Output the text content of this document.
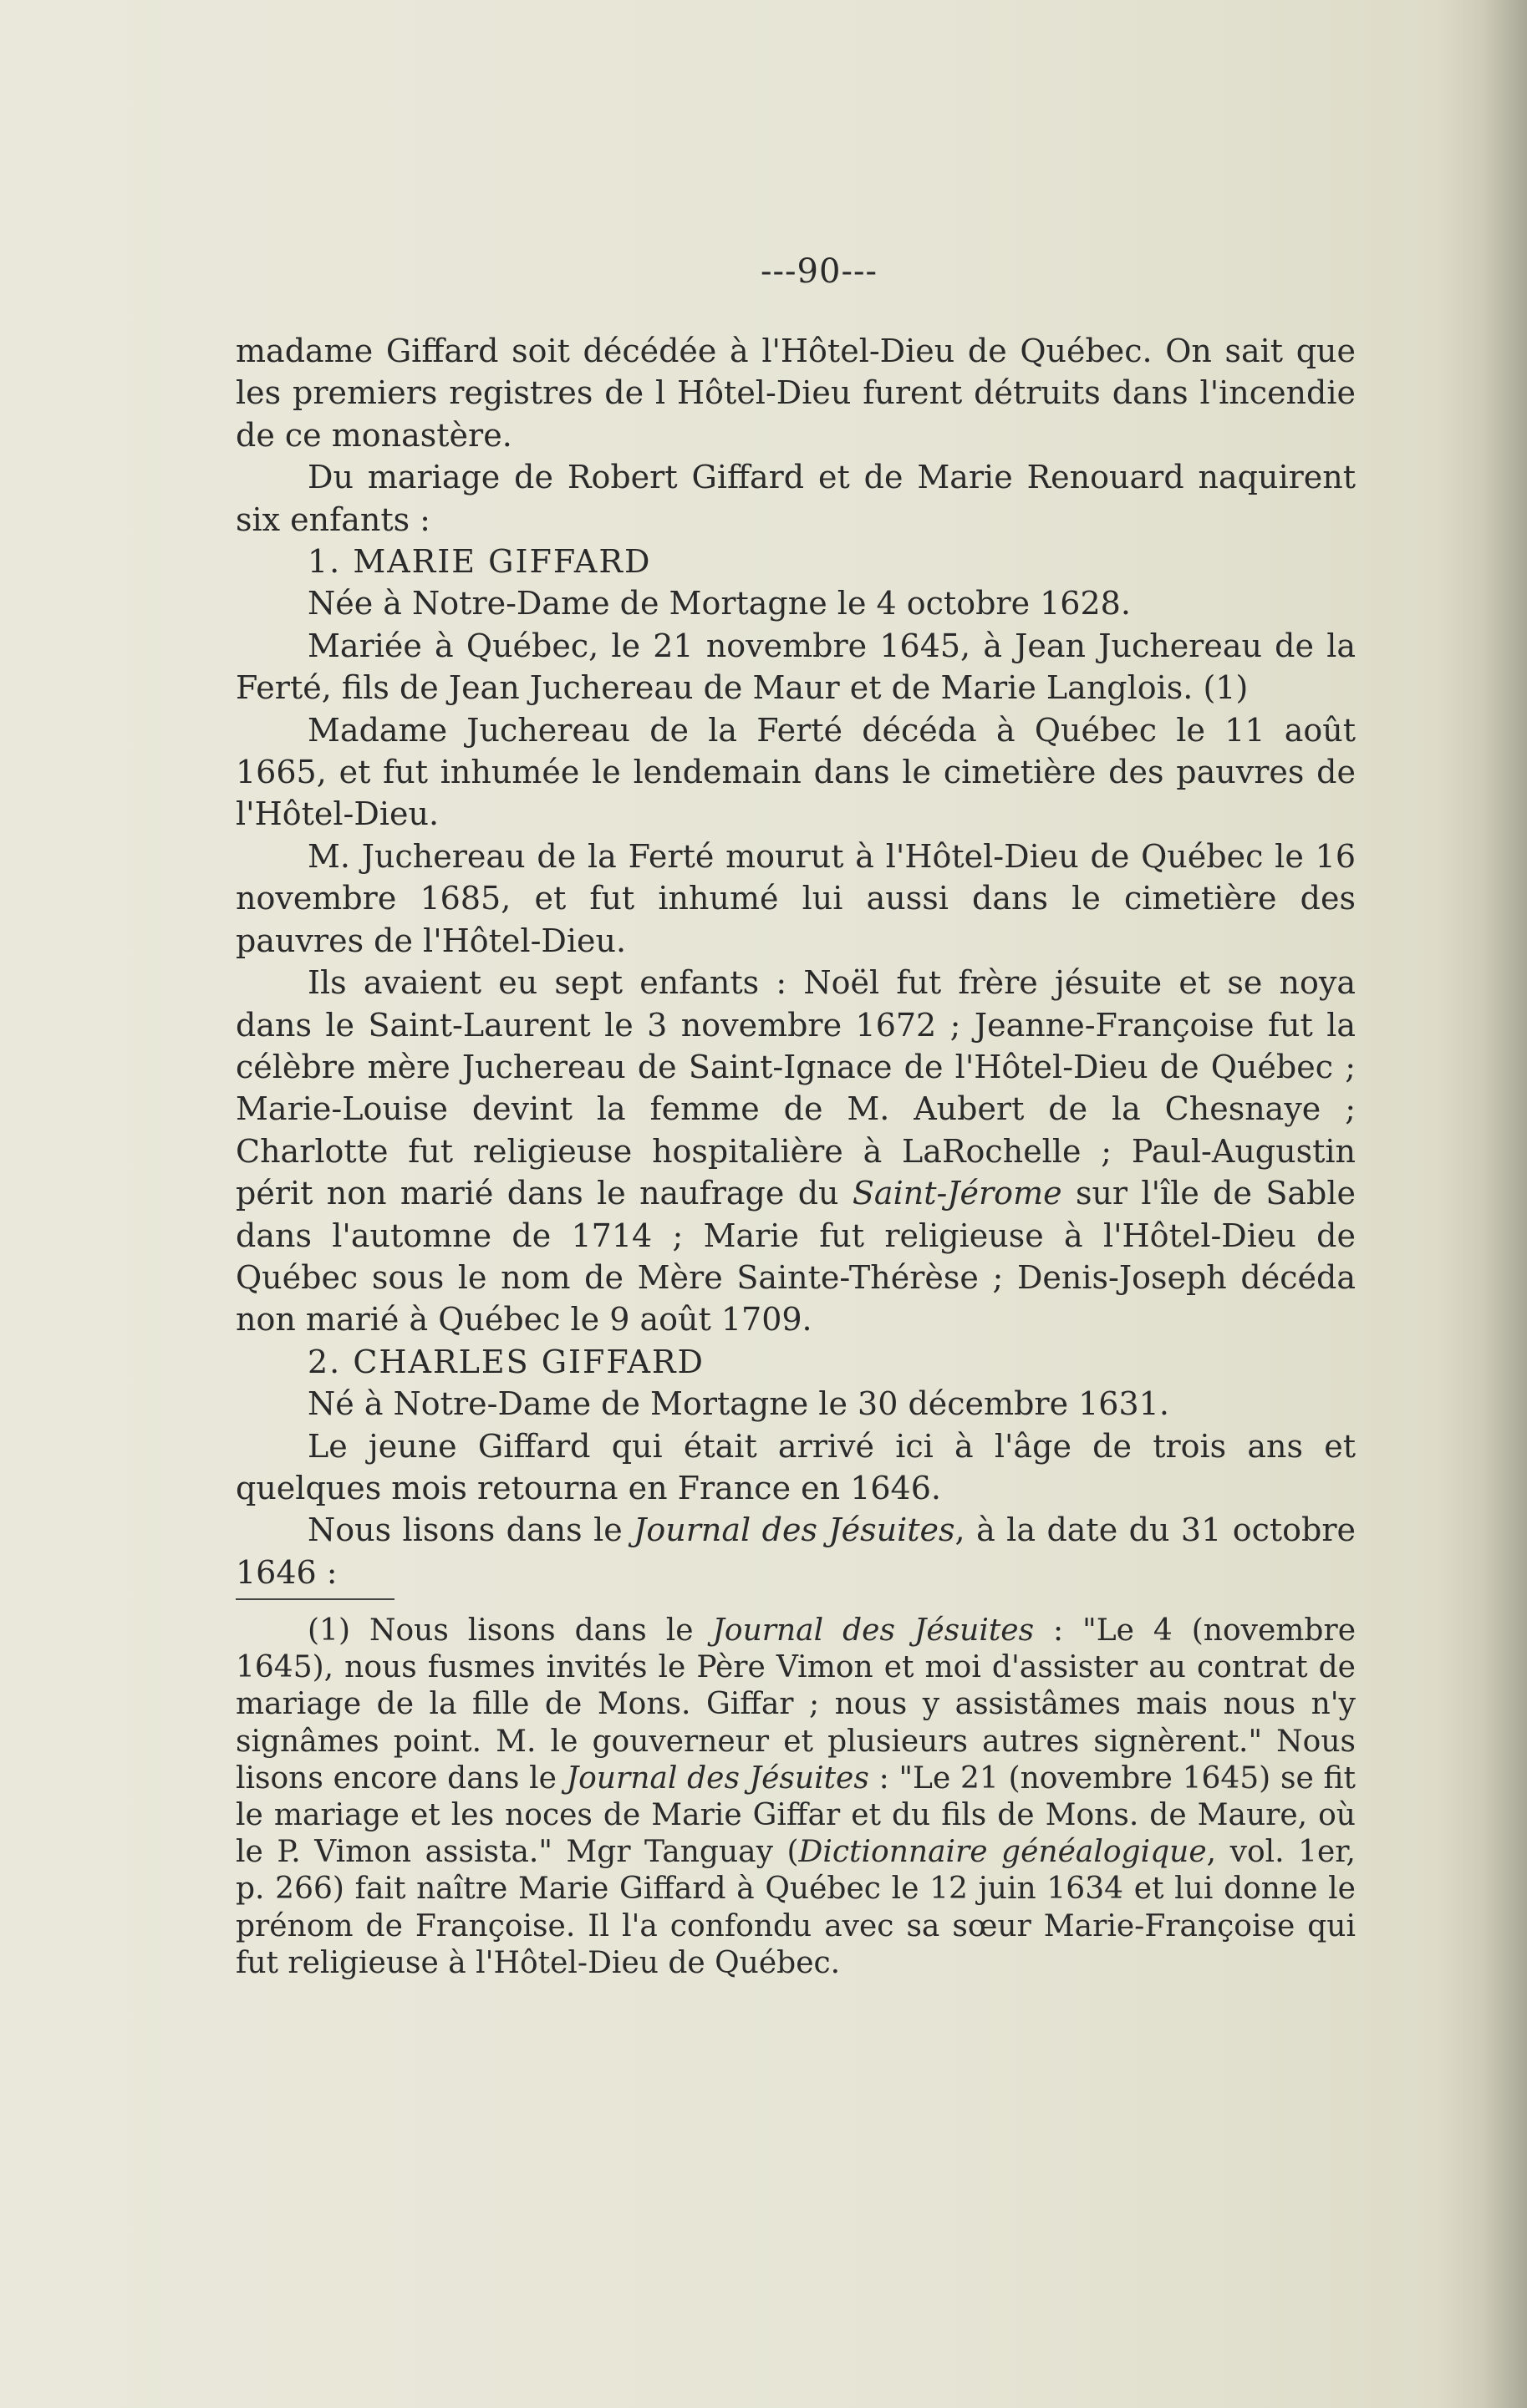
---90---

madame Giffard soit décédée à l'Hôtel-Dieu de Québec. On sait que les premiers registres de l Hôtel-Dieu furent détruits dans l'incendie de ce monastère.

Du mariage de Robert Giffard et de Marie Renouard naquirent six enfants :

1. MARIE GIFFARD

Née à Notre-Dame de Mortagne le 4 octobre 1628.

Mariée à Québec, le 21 novembre 1645, à Jean Juchereau de la Ferté, fils de Jean Juchereau de Maur et de Marie Langlois. (1)

Madame Juchereau de la Ferté décéda à Québec le 11 août 1665, et fut inhumée le lendemain dans le cimetière des pauvres de l'Hôtel-Dieu.

M. Juchereau de la Ferté mourut à l'Hôtel-Dieu de Québec le 16 novembre 1685, et fut inhumé lui aussi dans le cimetière des pauvres de l'Hôtel-Dieu.

Ils avaient eu sept enfants : Noël fut frère jésuite et se noya dans le Saint-Laurent le 3 novembre 1672 ; Jeanne-Françoise fut la célèbre mère Juchereau de Saint-Ignace de l'Hôtel-Dieu de Québec ; Marie-Louise devint la femme de M. Aubert de la Chesnaye ; Charlotte fut religieuse hospitalière à LaRochelle ; Paul-Augustin périt non marié dans le naufrage du Saint-Jérome sur l'île de Sable dans l'automne de 1714 ; Marie fut religieuse à l'Hôtel-Dieu de Québec sous le nom de Mère Sainte-Thérèse ; Denis-Joseph décéda non marié à Québec le 9 août 1709.

2. CHARLES GIFFARD

Né à Notre-Dame de Mortagne le 30 décembre 1631.

Le jeune Giffard qui était arrivé ici à l'âge de trois ans et quelques mois retourna en France en 1646.

Nous lisons dans le Journal des Jésuites, à la date du 31 octobre 1646 :

(1) Nous lisons dans le Journal des Jésuites : "Le 4 (novembre 1645), nous fusmes invités le Père Vimon et moi d'assister au contrat de mariage de la fille de Mons. Giffar ; nous y assistâmes mais nous n'y signâmes point. M. le gouverneur et plusieurs autres signèrent." Nous lisons encore dans le Journal des Jésuites : "Le 21 (novembre 1645) se fit le mariage et les noces de Marie Giffar et du fils de Mons. de Maure, où le P. Vimon assista." Mgr Tanguay (Dictionnaire généalogique, vol. 1er, p. 266) fait naître Marie Giffard à Québec le 12 juin 1634 et lui donne le prénom de Françoise. Il l'a confondu avec sa sœur Marie-Françoise qui fut religieuse à l'Hôtel-Dieu de Québec.
